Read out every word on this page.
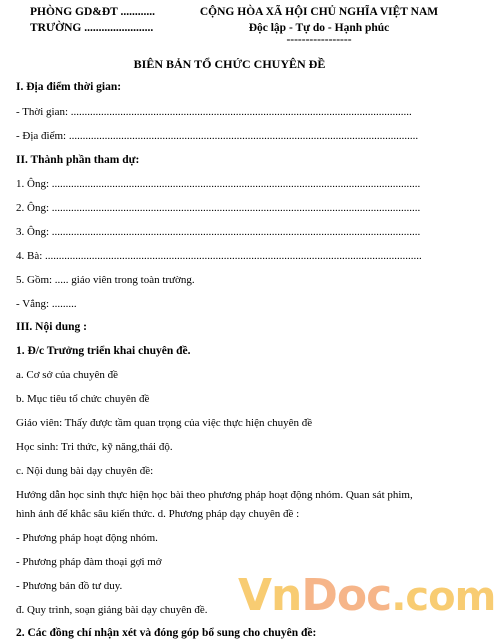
PHÒNG GD&ĐT ............
TRƯỜNG ........................
CỘNG HÒA XÃ HỘI CHỦ NGHĨA VIỆT NAM
Độc lập - Tự do - Hạnh phúc
-----------------
BIÊN BẢN TỔ CHỨC CHUYÊN ĐỀ
I. Địa điểm thời gian:
- Thời gian: ............................................................................................................................
- Địa điểm: ...............................................................................................................................
II. Thành phần tham dự:
1. Ông: ......................................................................................................................................
2. Ông: ......................................................................................................................................
3. Ông: ......................................................................................................................................
4. Bà: .........................................................................................................................................
5. Gồm: ..... giáo viên trong toàn trường.
- Vắng: .........
III. Nội dung :
1. Đ/c Trưởng triển khai chuyên đề.
a. Cơ sở của chuyên đề
b. Mục tiêu tổ chức chuyên đề
Giáo viên: Thấy được tầm quan trọng của việc thực hiện chuyên đề
Học sinh: Tri thức, kỹ năng,thái độ.
c. Nội dung bài dạy chuyên đề:
Hướng dẫn học sinh thực hiện học bài theo phương pháp hoạt động nhóm. Quan sát phim,
hình ảnh để khắc sâu kiến thức. d. Phương pháp dạy chuyên đề :
- Phương pháp hoạt động nhóm.
- Phương pháp đàm thoại gợi mở
- Phương bản đồ tư duy.
đ. Quy trình, soạn giảng bài dạy chuyên đề.
2. Các đồng chí nhận xét và đóng góp bổ sung cho chuyên đề:
VnDoc.com
